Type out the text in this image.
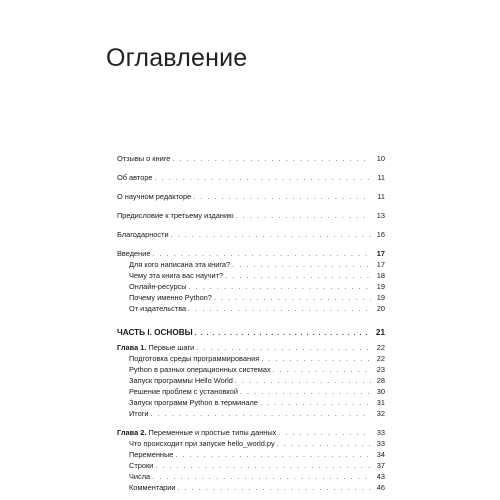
Оглавление
Отзывы о книге . . .	10
Об авторе . . .	11
О научном редакторе . . .	11
Предисловие к третьему изданию . . .	13
Благодарности . . .	16
Введение . . .	17
Для кого написана эта книга? . . .	17
Чему эта книга вас научит? . . .	18
Онлайн-ресурсы . . .	19
Почему именно Python? . . .	19
От издательства . . .	20
ЧАСТЬ I. ОСНОВЫ . . .	21
Глава 1. Первые шаги . . .	22
Подготовка среды программирования . . .	22
Python в разных операционных системах . . .	23
Запуск программы Hello World . . .	28
Решение проблем с установкой . . .	30
Запуск программ Python в терминале . . .	31
Итоги . . .	32
Глава 2. Переменные и простые типы данных . . .	33
Что происходит при запуске hello_world.py . . .	33
Переменные . . .	34
Строки . . .	37
Числа . . .	43
Комментарии . . .	46
